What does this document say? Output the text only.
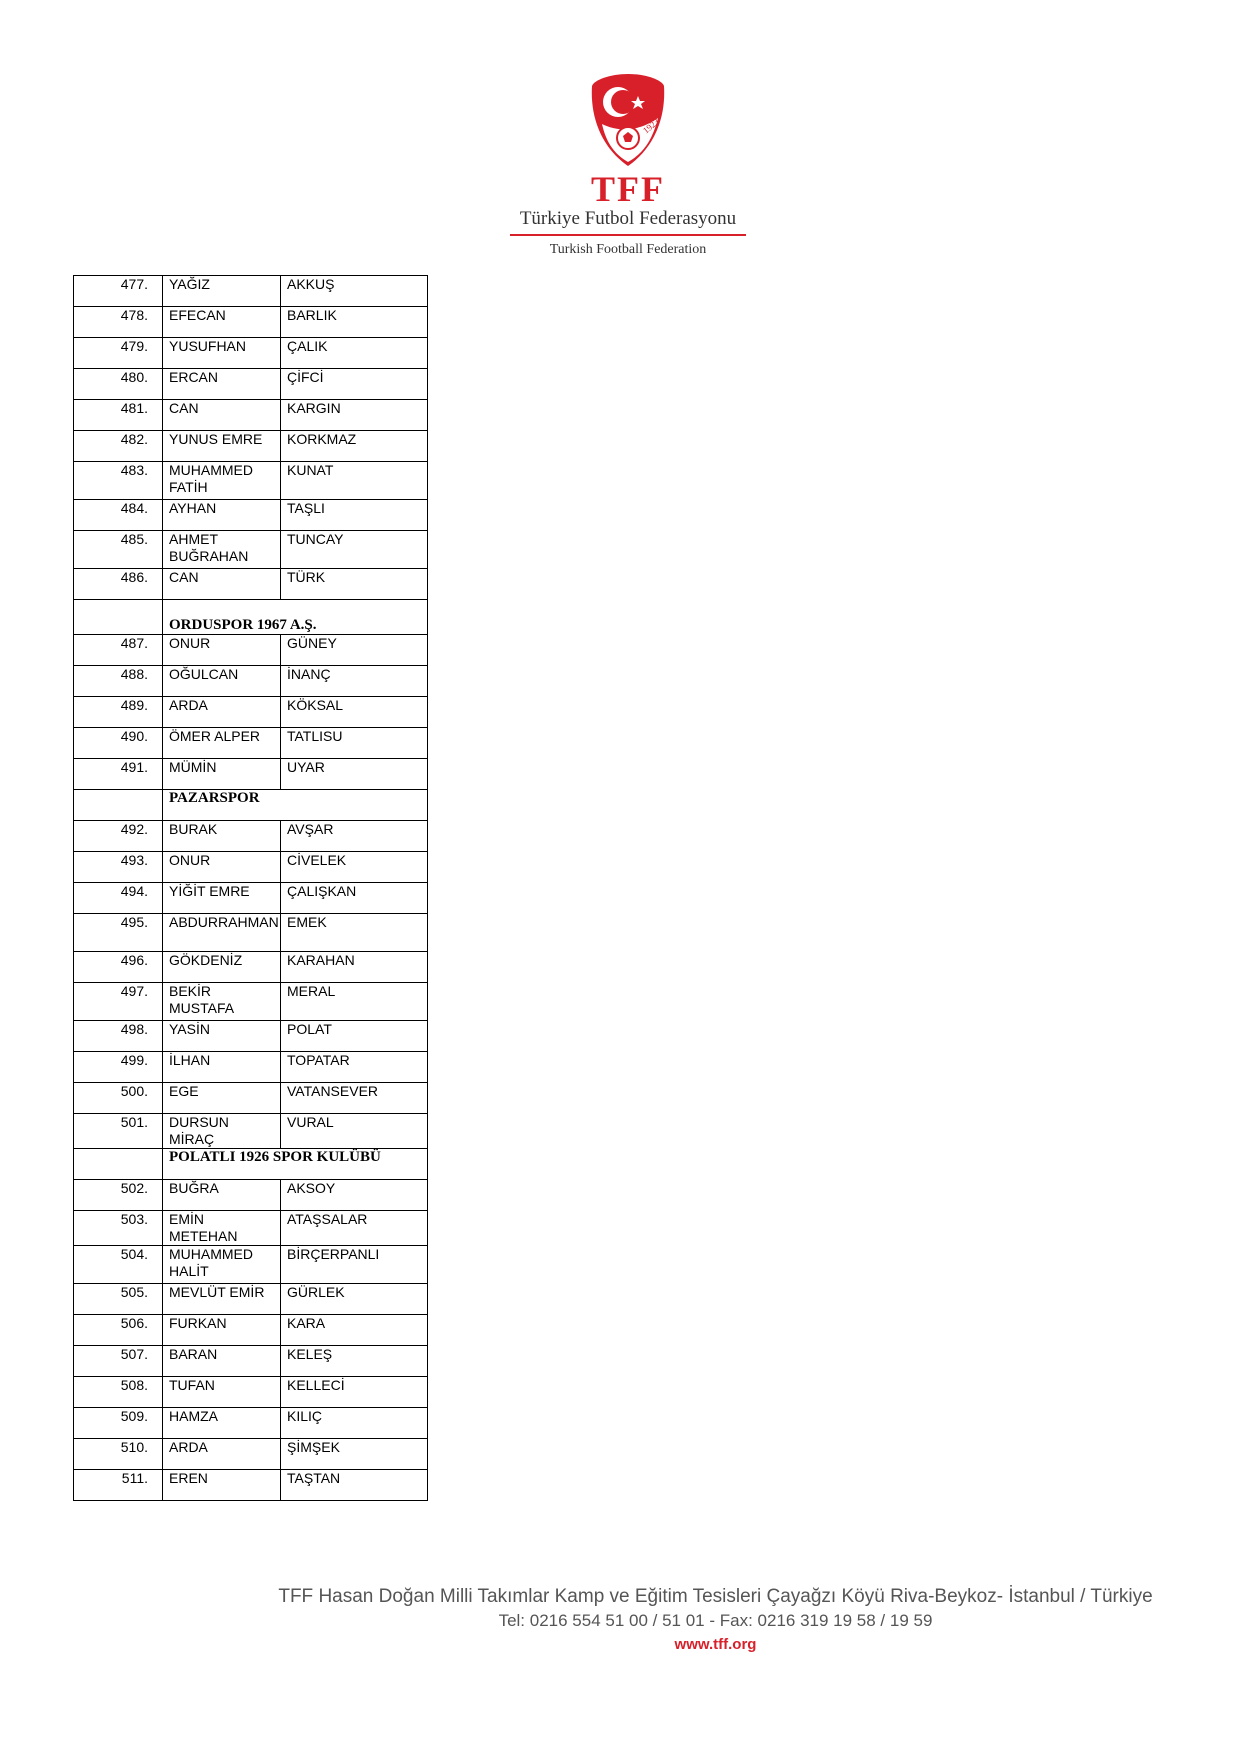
1923
TFF
Türkiye Futbol Federasyonu
Turkish Football Federation
477.	YAĞIZ	AKKUŞ
478.	EFECAN	BARLIK
479.	YUSUFHAN	ÇALIK
480.	ERCAN	ÇİFCİ
481.	CAN	KARGIN
482.	YUNUS EMRE	KORKMAZ
483.	MUHAMMED FATİH	KUNAT
484.	AYHAN	TAŞLI
485.	AHMET BUĞRAHAN	TUNCAY
486.	CAN	TÜRK
	ORDUSPOR 1967 A.Ş.	
487.	ONUR	GÜNEY
488.	OĞULCAN	İNANÇ
489.	ARDA	KÖKSAL
490.	ÖMER ALPER	TATLISU
491.	MÜMİN	UYAR
	PAZARSPOR	
492.	BURAK	AVŞAR
493.	ONUR	CİVELEK
494.	YİĞİT EMRE	ÇALIŞKAN
495.	ABDURRAHMAN	EMEK
496.	GÖKDENİZ	KARAHAN
497.	BEKİR MUSTAFA	MERAL
498.	YASİN	POLAT
499.	İLHAN	TOPATAR
500.	EGE	VATANSEVER
501.	DURSUN MİRAÇ	VURAL
	POLATLI 1926 SPOR KULÜBÜ	
502.	BUĞRA	AKSOY
503.	EMİN METEHAN	ATAŞSALAR
504.	MUHAMMED HALİT	BİRÇERPANLI
505.	MEVLÜT EMİR	GÜRLEK
506.	FURKAN	KARA
507.	BARAN	KELEŞ
508.	TUFAN	KELLECİ
509.	HAMZA	KILIÇ
510.	ARDA	ŞİMŞEK
511.	EREN	TAŞTAN
TFF Hasan Doğan Milli Takımlar Kamp ve Eğitim Tesisleri Çayağzı Köyü Riva-Beykoz- İstanbul / Türkiye
Tel: 0216 554 51 00 / 51 01 - Fax: 0216 319 19 58 / 19 59
www.tff.org
